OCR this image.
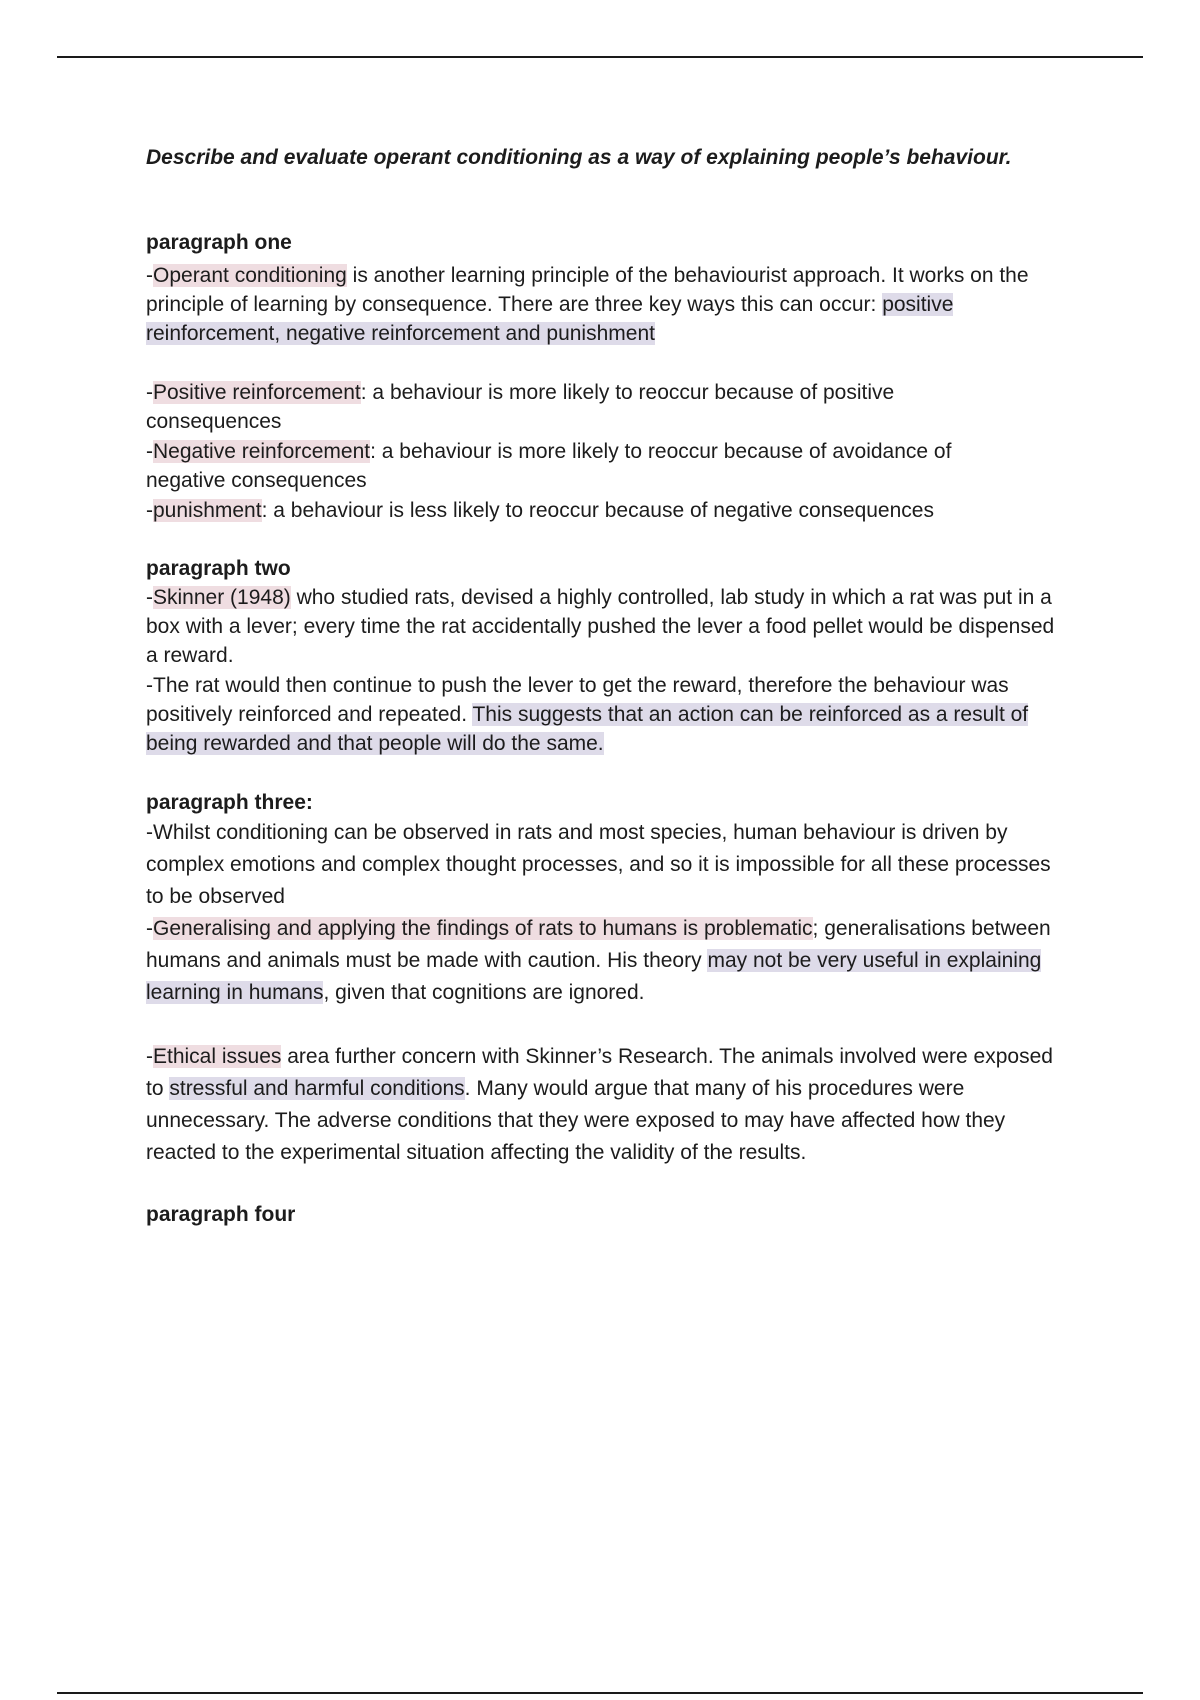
Describe and evaluate operant conditioning as a way of explaining people’s behaviour.

paragraph one

-Operant conditioning is another learning principle of the behaviourist approach. It works on the principle of learning by consequence. There are three key ways this can occur: positive reinforcement, negative reinforcement and punishment

-Positive reinforcement: a behaviour is more likely to reoccur because of positive consequences

-Negative reinforcement: a behaviour is more likely to reoccur because of avoidance of negative consequences

-punishment: a behaviour is less likely to reoccur because of negative consequences

paragraph two

-Skinner (1948) who studied rats, devised a highly controlled, lab study in which a rat was put in a box with a lever; every time the rat accidentally pushed the lever a food pellet would be dispensed a reward.

-The rat would then continue to push the lever to get the reward, therefore the behaviour was positively reinforced and repeated. This suggests that an action can be reinforced as a result of being rewarded and that people will do the same.

paragraph three:

-Whilst conditioning can be observed in rats and most species, human behaviour is driven by complex emotions and complex thought processes, and so it is impossible for all these processes to be observed

-Generalising and applying the findings of rats to humans is problematic; generalisations between humans and animals must be made with caution. His theory may not be very useful in explaining learning in humans, given that cognitions are ignored.

-Ethical issues area further concern with Skinner’s Research. The animals involved were exposed to stressful and harmful conditions. Many would argue that many of his procedures were unnecessary. The adverse conditions that they were exposed to may have affected how they reacted to the experimental situation affecting the validity of the results.

paragraph four
